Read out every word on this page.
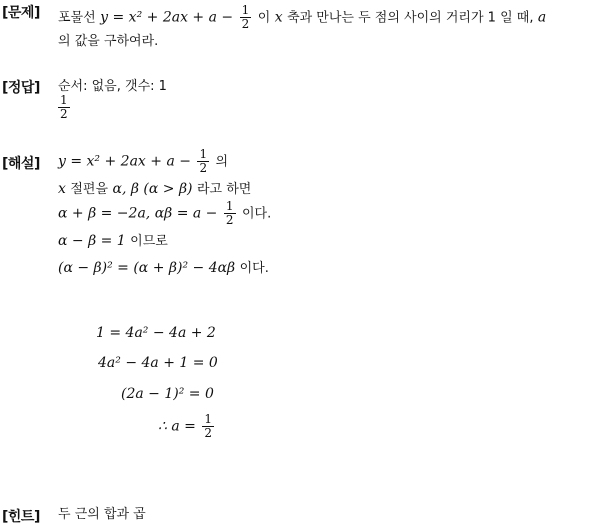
[문제] 포물선 $y = x^2 + 2ax + a - \frac{1}{2}$ 이 x 축과 만나는 두 점의 사이의 거리가 1 일 때, a
의 값을 구하여라.
[정답] 순서: 없음, 갯수: 1
$\frac{1}{2}$
[해설] $y = x^2 + 2ax + a - \frac{1}{2}$ 의
x 절편을 α, β (α > β) 라고 하면
α + β = −2a, $\alpha\beta = a - \frac{1}{2}$ 이다.
α − β = 1 이므로
(α − β)² = (α + β)² − 4αβ 이다.
1 = 4a² − 4a + 2
4a² − 4a + 1 = 0
(2a − 1)² = 0
∴ $a = \frac{1}{2}$
[힌트] 두 근의 합과 곱
